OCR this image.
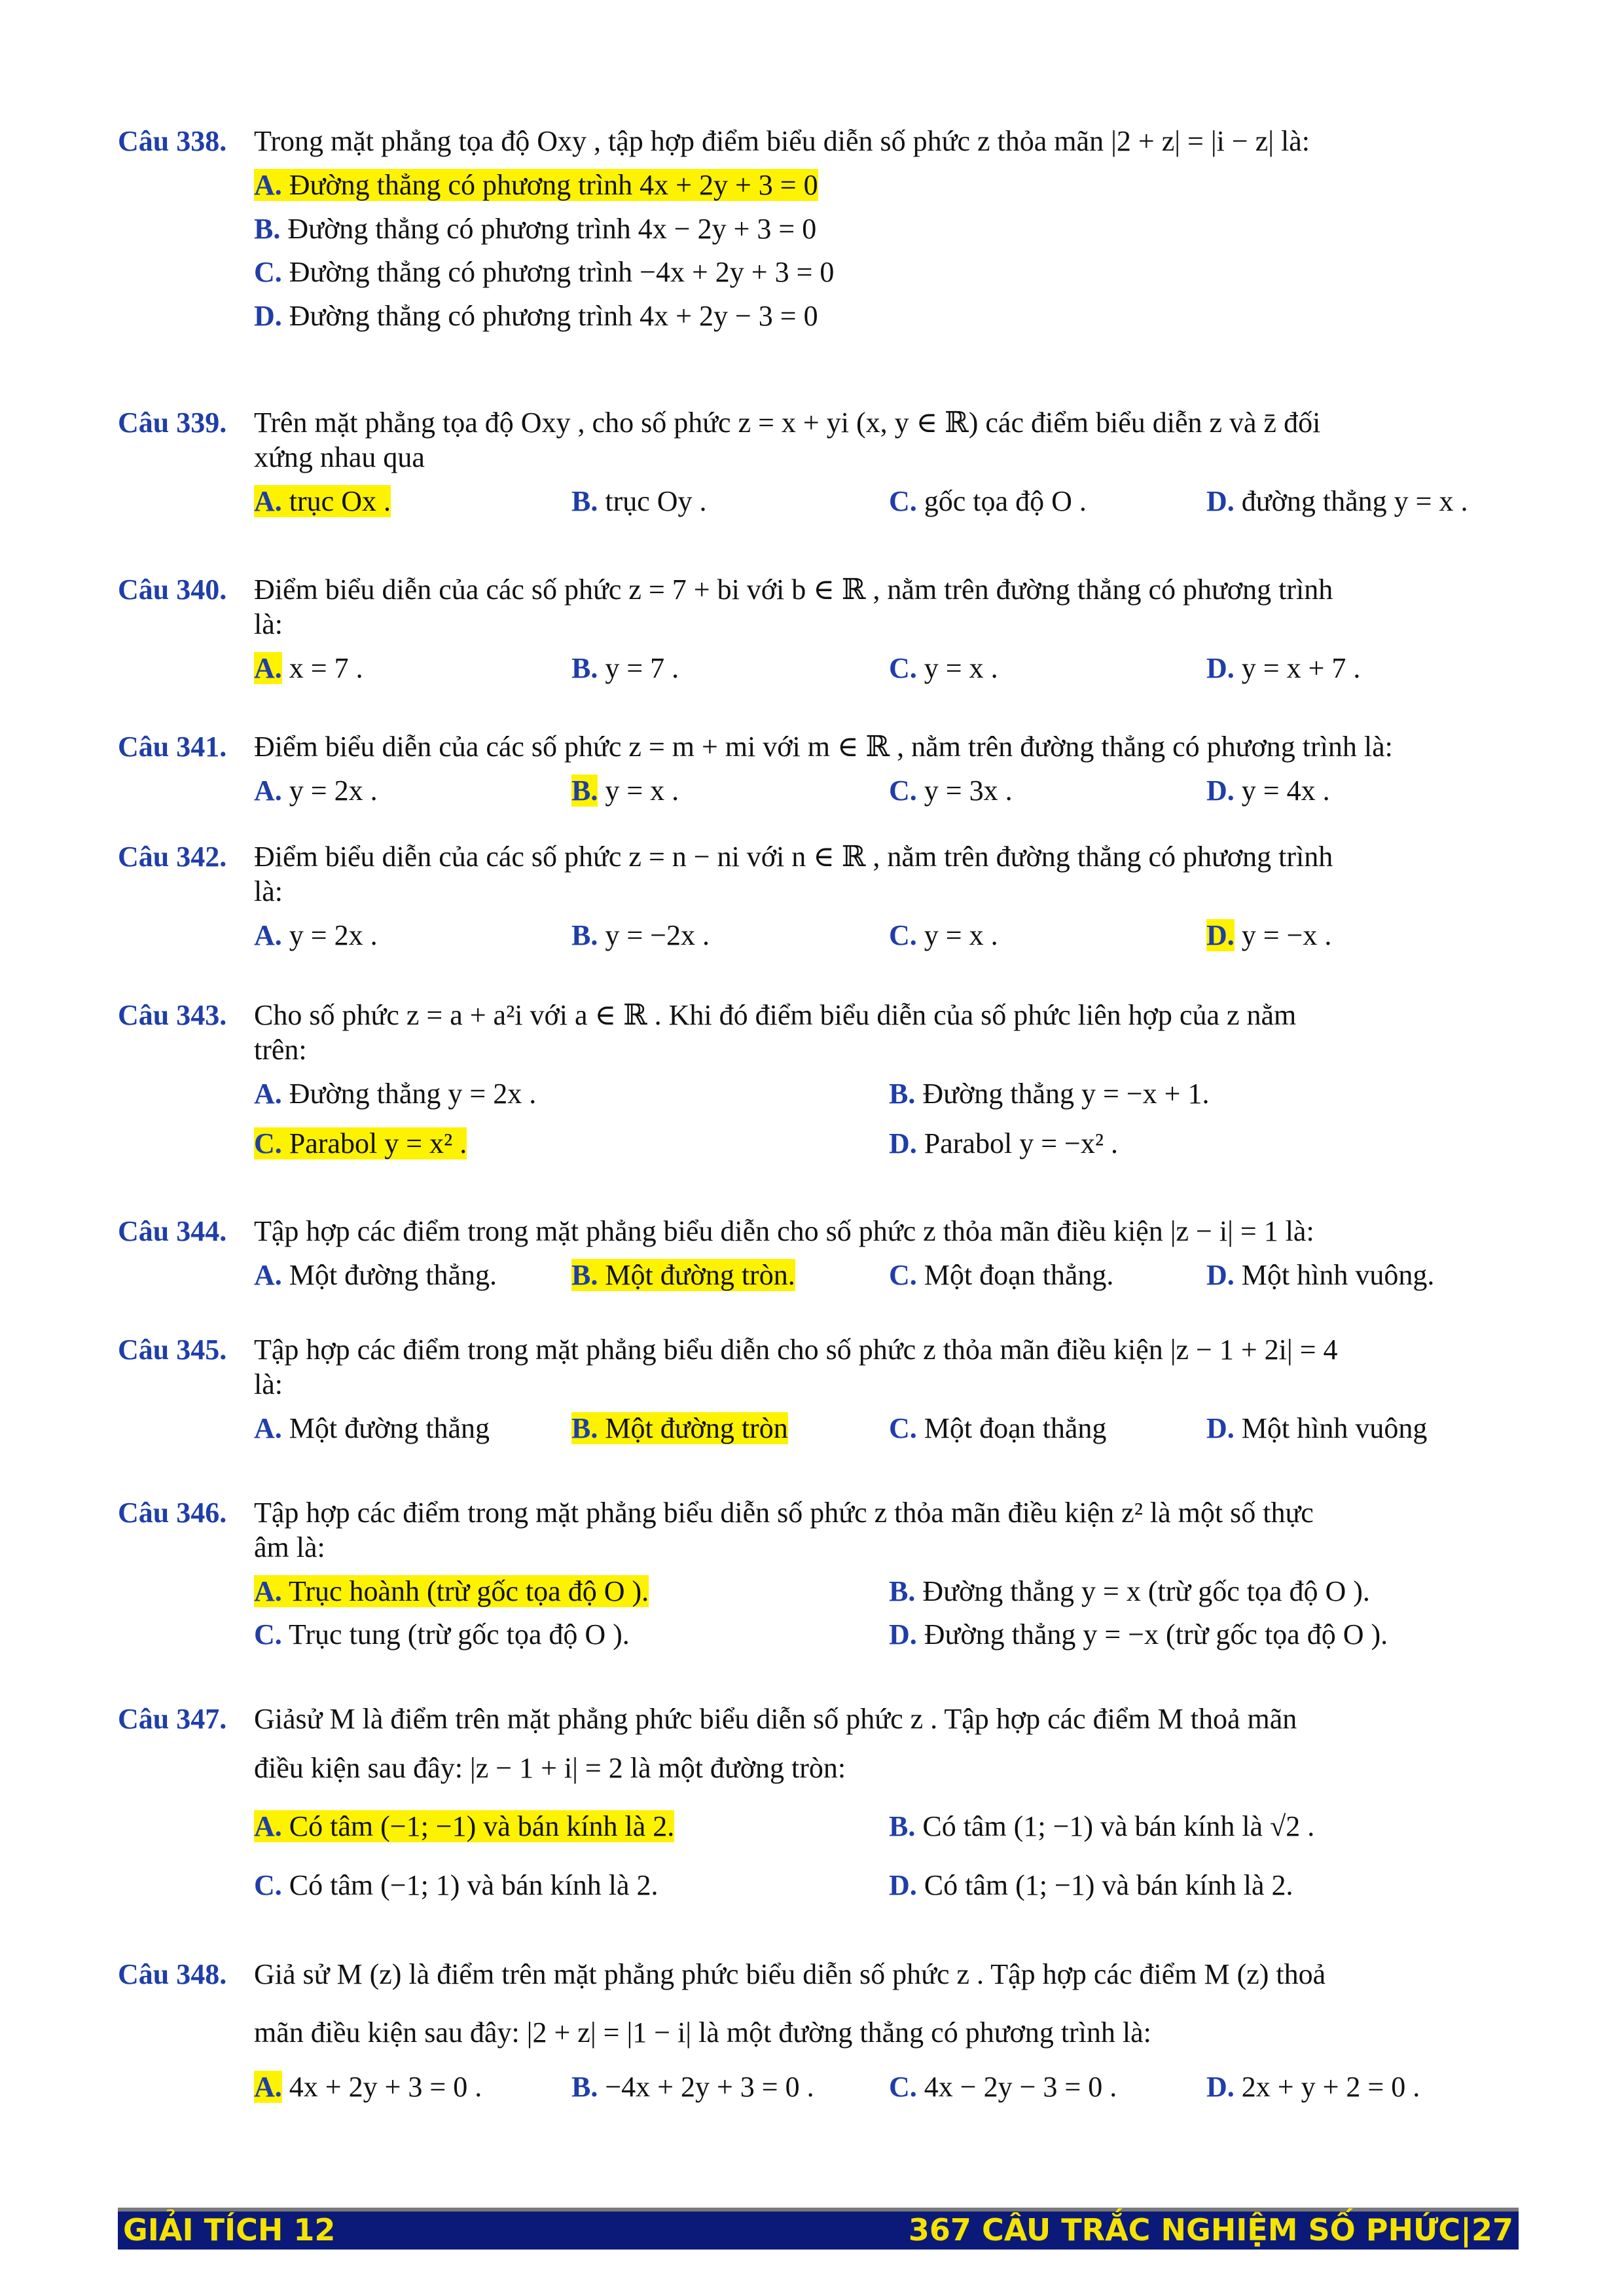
Câu 338. Trong mặt phẳng tọa độ Oxy , tập hợp điểm biểu diễn số phức z thỏa mãn |2 + z| = |i − z| là:
A. Đường thẳng có phương trình 4x + 2y + 3 = 0
B. Đường thẳng có phương trình 4x − 2y + 3 = 0
C. Đường thẳng có phương trình −4x + 2y + 3 = 0
D. Đường thẳng có phương trình 4x + 2y − 3 = 0
Câu 339. Trên mặt phẳng tọa độ Oxy , cho số phức z = x + yi (x, y ∈ ℝ) các điểm biểu diễn z và z̄ đối
xứng nhau qua
A. trục Ox .	B. trục Oy .	C. gốc tọa độ O .	D. đường thẳng y = x .
Câu 340. Điểm biểu diễn của các số phức z = 7 + bi với b ∈ ℝ , nằm trên đường thẳng có phương trình
là:
A. x = 7 .	B. y = 7 .	C. y = x .	D. y = x + 7 .
Câu 341. Điểm biểu diễn của các số phức z = m + mi với m ∈ ℝ , nằm trên đường thẳng có phương trình là:
A. y = 2x .	B. y = x .	C. y = 3x .	D. y = 4x .
Câu 342. Điểm biểu diễn của các số phức z = n − ni với n ∈ ℝ , nằm trên đường thẳng có phương trình
là:
A. y = 2x .	B. y = −2x .	C. y = x .	D. y = −x .
Câu 343. Cho số phức z = a + a²i với a ∈ ℝ . Khi đó điểm biểu diễn của số phức liên hợp của z nằm
trên:
A. Đường thẳng y = 2x .	B. Đường thẳng y = −x + 1.
C. Parabol y = x² .	D. Parabol y = −x² .
Câu 344. Tập hợp các điểm trong mặt phẳng biểu diễn cho số phức z thỏa mãn điều kiện |z − i| = 1 là:
A. Một đường thẳng.	B. Một đường tròn.	C. Một đoạn thẳng.	D. Một hình vuông.
Câu 345. Tập hợp các điểm trong mặt phẳng biểu diễn cho số phức z thỏa mãn điều kiện |z − 1 + 2i| = 4
là:
A. Một đường thẳng	B. Một đường tròn	C. Một đoạn thẳng	D. Một hình vuông
Câu 346. Tập hợp các điểm trong mặt phẳng biểu diễn số phức z thỏa mãn điều kiện z² là một số thực
âm là:
A. Trục hoành (trừ gốc tọa độ O ).	B. Đường thẳng y = x (trừ gốc tọa độ O ).
C. Trục tung (trừ gốc tọa độ O ).	D. Đường thẳng y = −x (trừ gốc tọa độ O ).
Câu 347. Giảsử M là điểm trên mặt phẳng phức biểu diễn số phức z . Tập hợp các điểm M thoả mãn
điều kiện sau đây: |z − 1 + i| = 2 là một đường tròn:
A. Có tâm (−1; −1) và bán kính là 2.	B. Có tâm (1; −1) và bán kính là √2 .
C. Có tâm (−1; 1) và bán kính là 2.	D. Có tâm (1; −1) và bán kính là 2.
Câu 348. Giả sử M (z) là điểm trên mặt phẳng phức biểu diễn số phức z . Tập hợp các điểm M (z) thoả
mãn điều kiện sau đây: |2 + z| = |1 − i| là một đường thẳng có phương trình là:
A. 4x + 2y + 3 = 0 .	B. −4x + 2y + 3 = 0 .	C. 4x − 2y − 3 = 0 .	D. 2x + y + 2 = 0 .
GIẢI TÍCH 12	367 CÂU TRẮC NGHIỆM SỐ PHỨC|27
